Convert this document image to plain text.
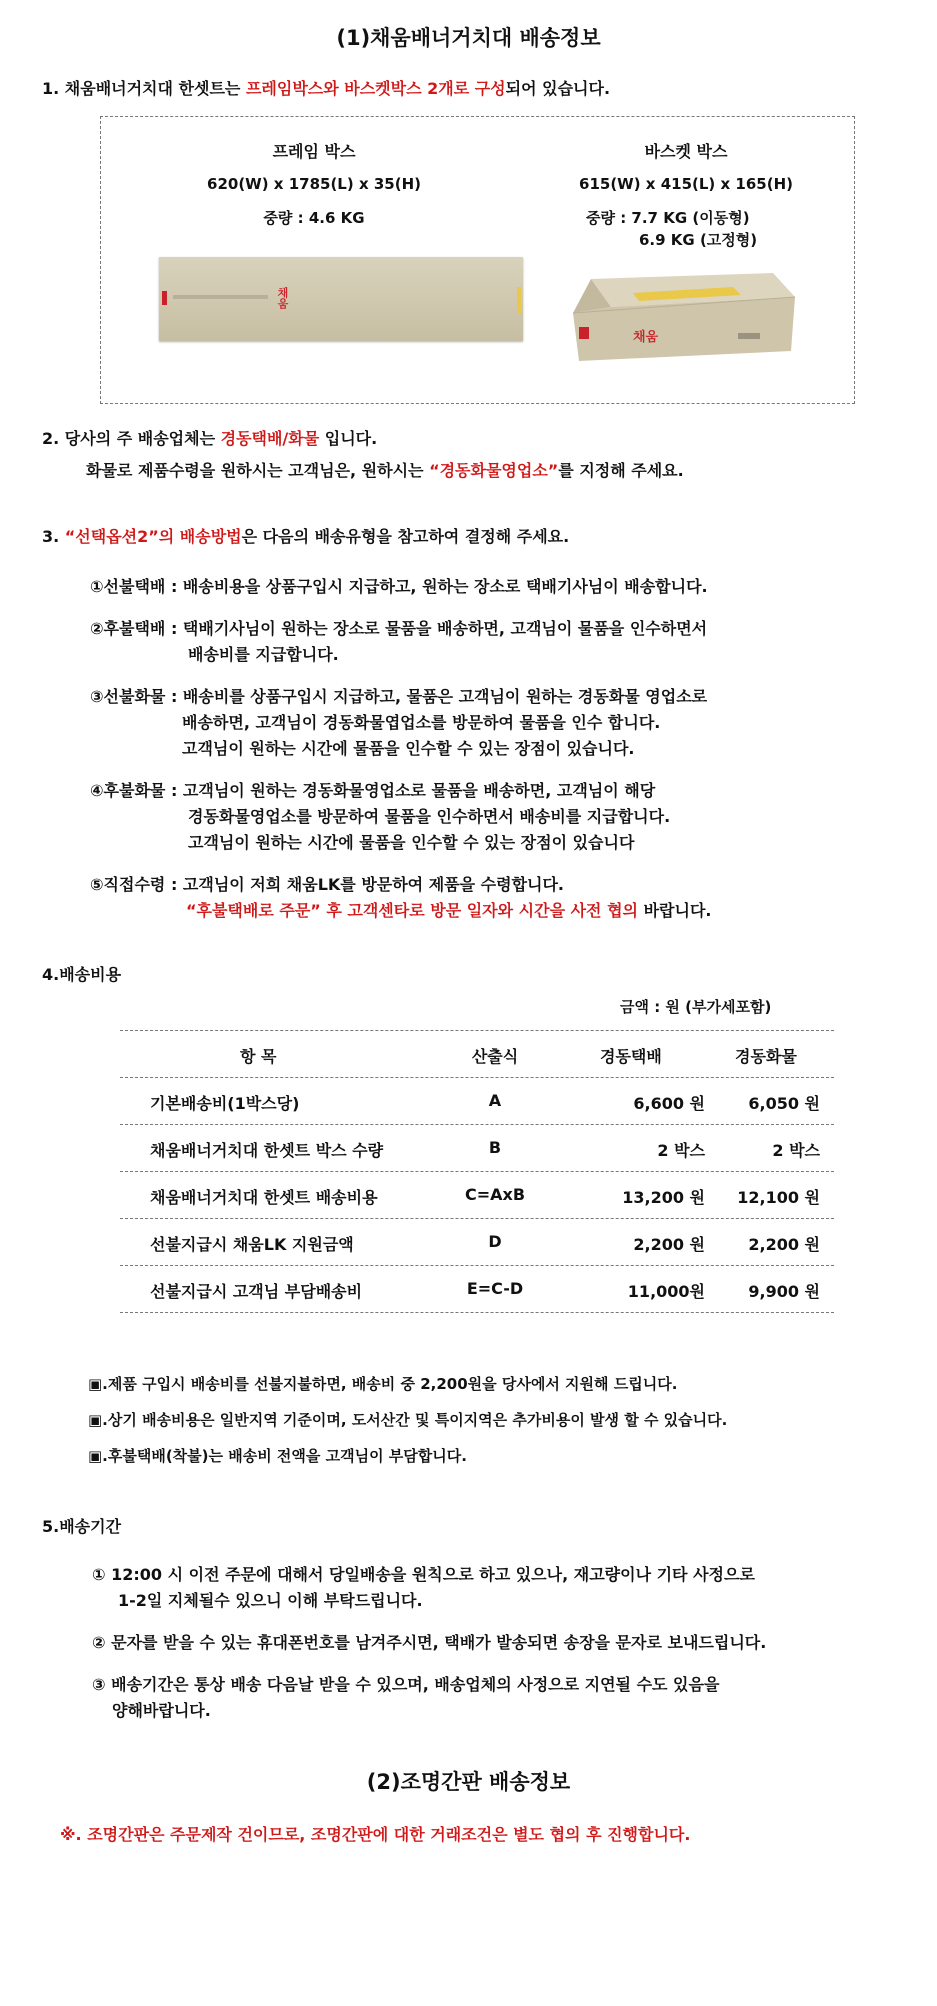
(1)채움배너거치대 배송정보
1. 채움배너거치대 한셋트는 프레임박스와 바스켓박스 2개로 구성되어 있습니다.
프레임 박스
620(W) x 1785(L) x 35(H)
중량 : 4.6 KG
채움
바스켓 박스
615(W) x 415(L) x 165(H)
중량 : 7.7 KG (이동형)
6.9 KG (고정형)
채움
2. 당사의 주 배송업체는 경동택배/화물 입니다.
화물로 제품수령을 원하시는 고객님은, 원하시는 “경동화물영업소”를 지정해 주세요.
3. “선택옵션2”의 배송방법은 다음의 배송유형을 참고하여 결정해 주세요.
①선불택배 : 배송비용을 상품구입시 지급하고, 원하는 장소로 택배기사님이 배송합니다.
②후불택배 : 택배기사님이 원하는 장소로 물품을 배송하면, 고객님이 물품을 인수하면서
배송비를 지급합니다.
③선불화물 : 배송비를 상품구입시 지급하고, 물품은 고객님이 원하는 경동화물 영업소로
배송하면, 고객님이 경동화물엽업소를 방문하여 물품을 인수 합니다.
고객님이 원하는 시간에 물품을 인수할 수 있는 장점이 있습니다.
④후불화물 : 고객님이 원하는 경동화물영업소로 물품을 배송하면, 고객님이 해당
경동화물영업소를 방문하여 물품을 인수하면서 배송비를 지급합니다.
고객님이 원하는 시간에 물품을 인수할 수 있는 장점이 있습니다
⑤직접수령 : 고객님이 저희 채움LK를 방문하여 제품을 수령합니다.
“후불택배로 주문” 후 고객센타로 방문 일자와 시간을 사전 협의 바랍니다.
4.배송비용
금액 : 원 (부가세포함)
항 목	산출식	경동택배	경동화물
기본배송비(1박스당)	A	6,600 원	6,050 원
채움배너거치대 한셋트 박스 수량	B	2 박스	2 박스
채움배너거치대 한셋트 배송비용	C=AxB	13,200 원	12,100 원
선불지급시 채움LK 지원금액	D	2,200 원	2,200 원
선불지급시 고객님 부담배송비	E=C-D	11,000원	9,900 원
▣.제품 구입시 배송비를 선불지불하면, 배송비 중 2,200원을 당사에서 지원해 드립니다.
▣.상기 배송비용은 일반지역 기준이며, 도서산간 및 특이지역은 추가비용이 발생 할 수 있습니다.
▣.후불택배(착불)는 배송비 전액을 고객님이 부담합니다.
5.배송기간
① 12:00 시 이전 주문에 대해서 당일배송을 원칙으로 하고 있으나, 재고량이나 기타 사정으로
1-2일 지체될수 있으니 이해 부탁드립니다.
② 문자를 받을 수 있는 휴대폰번호를 남겨주시면, 택배가 발송되면 송장을 문자로 보내드립니다.
③ 배송기간은 통상 배송 다음날 받을 수 있으며, 배송업체의 사정으로 지연될 수도 있음을
양해바랍니다.
(2)조명간판 배송정보
※. 조명간판은 주문제작 건이므로, 조명간판에 대한 거래조건은 별도 협의 후 진행합니다.
